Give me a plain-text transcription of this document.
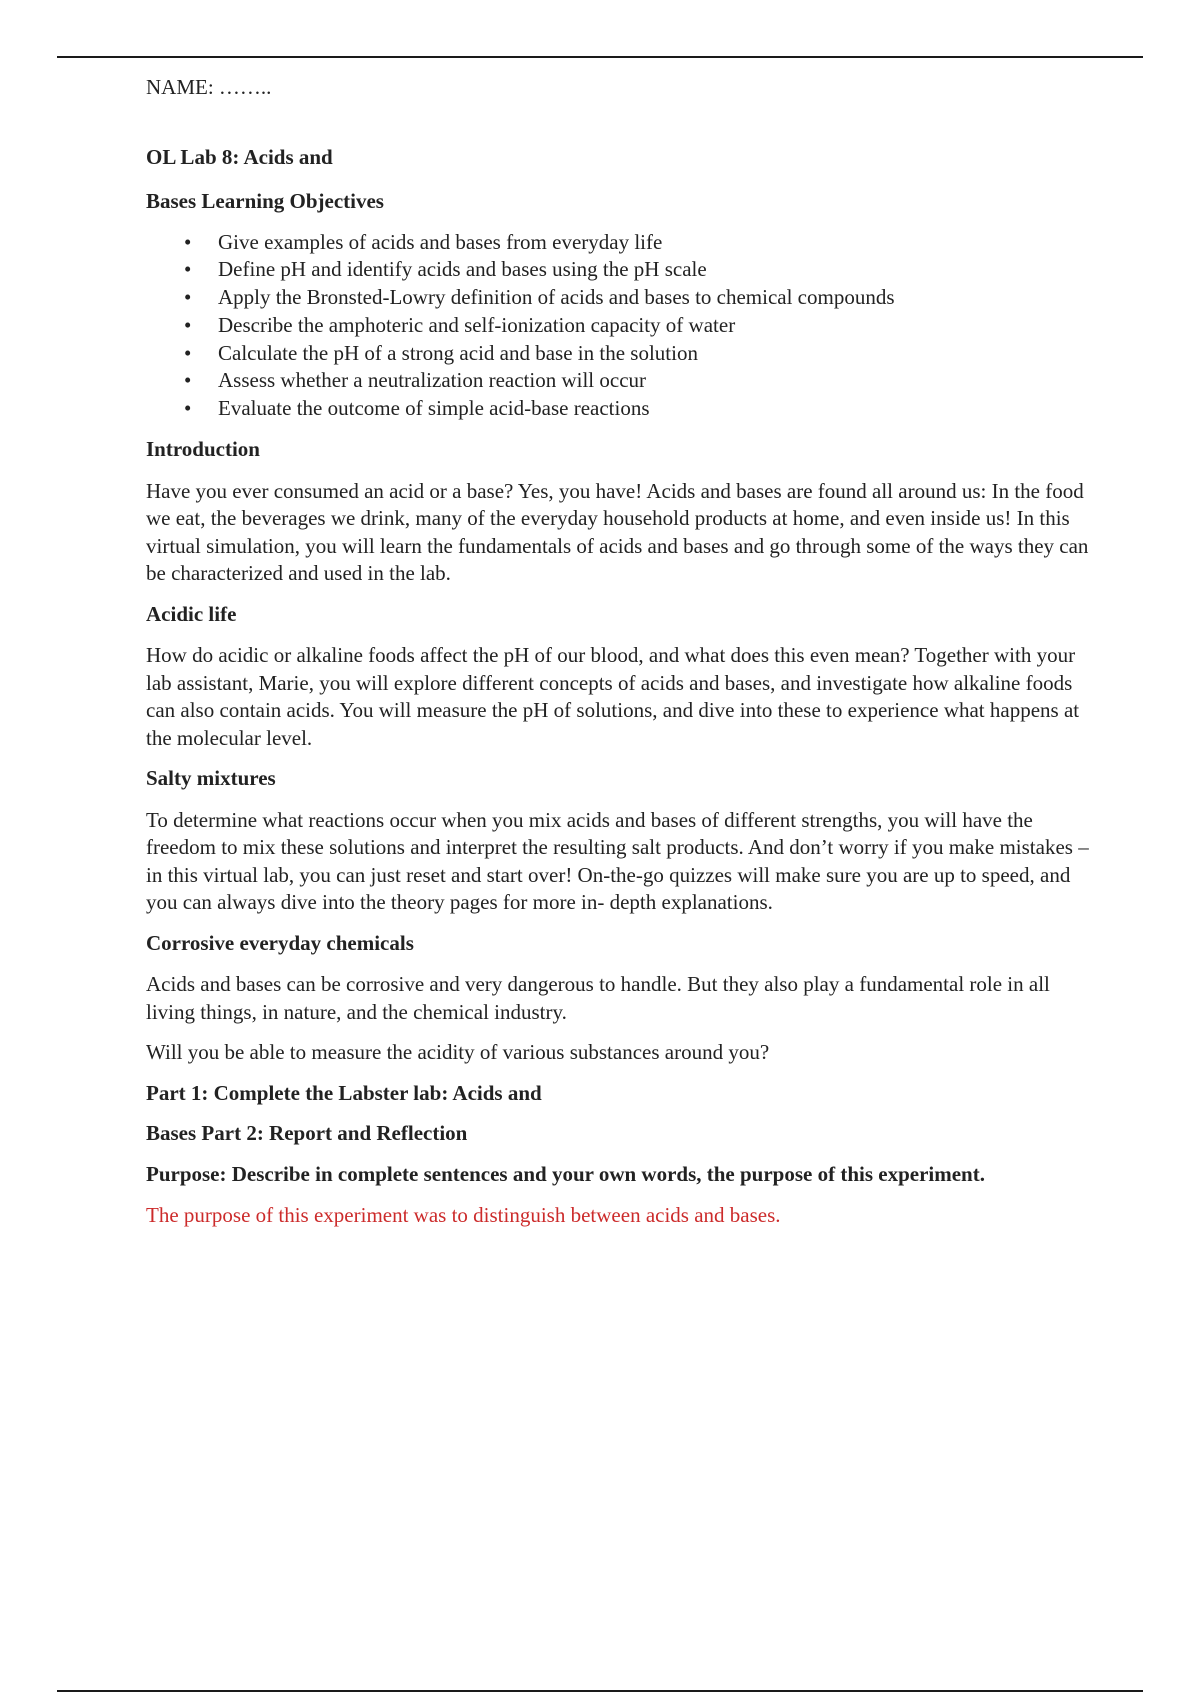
NAME: ……..

OL Lab 8: Acids and

Bases Learning Objectives

• Give examples of acids and bases from everyday life
• Define pH and identify acids and bases using the pH scale
• Apply the Bronsted-Lowry definition of acids and bases to chemical compounds
• Describe the amphoteric and self-ionization capacity of water
• Calculate the pH of a strong acid and base in the solution
• Assess whether a neutralization reaction will occur
• Evaluate the outcome of simple acid-base reactions

Introduction

Have you ever consumed an acid or a base? Yes, you have! Acids and bases are found all around us: In the food we eat, the beverages we drink, many of the everyday household products at home, and even inside us! In this virtual simulation, you will learn the fundamentals of acids and bases and go through some of the ways they can be characterized and used in the lab.

Acidic life

How do acidic or alkaline foods affect the pH of our blood, and what does this even mean? Together with your lab assistant, Marie, you will explore different concepts of acids and bases, and investigate how alkaline foods can also contain acids. You will measure the pH of solutions, and dive into these to experience what happens at the molecular level.

Salty mixtures

To determine what reactions occur when you mix acids and bases of different strengths, you will have the freedom to mix these solutions and interpret the resulting salt products. And don’t worry if you make mistakes – in this virtual lab, you can just reset and start over! On-the-go quizzes will make sure you are up to speed, and you can always dive into the theory pages for more in- depth explanations.

Corrosive everyday chemicals

Acids and bases can be corrosive and very dangerous to handle. But they also play a fundamental role in all living things, in nature, and the chemical industry.

Will you be able to measure the acidity of various substances around you?

Part 1: Complete the Labster lab: Acids and

Bases Part 2: Report and Reflection

Purpose: Describe in complete sentences and your own words, the purpose of this experiment.

The purpose of this experiment was to distinguish between acids and bases.
